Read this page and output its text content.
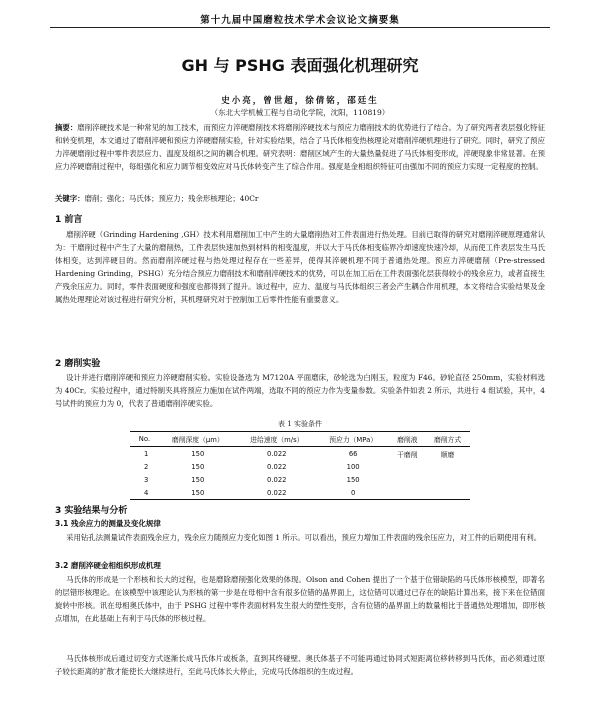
第十九届中国磨粒技术学术会议论文摘要集
GH 与 PSHG 表面强化机理研究
史小亮，曾世超，徐倩铭，邵廷生
（东北大学机械工程与自动化学院，沈阳，110819）
摘要：磨削淬硬技术是一种常见的加工技术，而预应力淬硬磨削技术将磨削淬硬技术与预应力磨削技术的优势进行了结合。为了研究两者表层强化特征和转变机理，本文通过了磨削淬硬和预应力淬硬磨削实验，针对实验结果，结合了马氏体相变热核理论对磨削淬硬机理进行了研究。同时，研究了预应力淬硬磨削过程中零件表层应力、温度及组织之间的耦合机理。研究表明：磨削区域产生的大量热量促进了马氏体相变形成，淬硬现象非常显著。在预应力淬硬磨削过程中，每组强化和应力调节相变效应对马氏体转变产生了综合作用。强度是金相组织特征可由强加不同的预应力实现一定程度的控制。
关键字：磨削；强化；马氏体；预应力；残余形核理论；40Cr
1 前言
磨削淬硬（Grinding Hardening ,GH）技术利用磨削加工中产生的大量磨削热对工件表面进行热处理。目前已取得的研究对磨削淬硬原理通常认为：干磨削过程中产生了大量的磨削热，工件表层快速加热到材料的相变温度，并以大于马氏体相变临界冷却速度快速冷却，从而使工件表层发生马氏体相变，达到淬硬目的。然而磨削淬硬过程与热处理过程存在一些差异，使得其淬硬机理不同于普通热处理。预应力淬硬磨削（Pre-stressed Hardening Grinding，PSHG）充分结合预应力磨削技术和磨削淬硬技术的优势，可以在加工后在工件表面强化层获得较小的残余应力，或者直接生产残余压应力。同时，零件表面硬度和强度也都得到了提升。该过程中，应力、温度与马氏体组织三者会产生耦合作用机理，本文将结合实验结果及金属热处理理论对该过程进行研究分析，其机理研究对于控制加工后零件性能有重要意义。
2 磨削实验
设计并进行磨削淬硬和预应力淬硬磨削实验。实验设备选为 M7120A 平面磨床，砂轮选为白刚玉，粒度为 F46。砂轮直径 250mm，实验材料选为 40Cr。实验过程中，通过特制夹具将预应力施加在试件两端，选取不同的预应力作为变量参数。实验条件如表 2 所示，共进行 4 组试验，其中，4 号试件的预应力为 0，代表了普通磨削淬硬实验。
表 1 实验条件
No.	磨削深度（μm）	进给速度（m/s）	预应力（MPa）	磨削液	磨削方式
1	150	0.022	66	干磨削	顺磨
2	150	0.022	100		
3	150	0.022	150		
4	150	0.022	0		
3 实验结果与分析
3.1 残余应力的测量及变化规律
采用钻孔法测量试件表面残余应力，残余应力随预应力变化如图 1 所示。可以看出，预应力增加工件表面的残余压应力，对工件的后期使用有利。
3.2 磨削淬硬金相组织形成机理
马氏体的形成是一个形核和长大的过程，也是磨除磨削强化效果的体现。Olson and Cohen 提出了一个基于位错缺陷的马氏体形核模型，即著名的层错形核理论。在该模型中该理论认为形核的第一步是在母相中含有很多位错的晶界面上，这位错可以通过已存在的缺陷计算出来，接下来在位错面旋转中形核。讯在母相奥氏体中，由于 PSHG 过程中零件表面材料发生很大的塑性变形，含有位错的晶界面上的数量相比于普通热处理增加，即形核点增加，在此基础上有利于马氏体的形核过程。
马氏体核形成后通过切变方式逐渐长成马氏体片或板条，直到其终碰壁、奥氏体基子不可能再通过协同式短距离位移转移到马氏体，而必须通过原子较长距离的扩散才能使长大继续进行，至此马氏体长大停止，完成马氏体组织的生成过程。
